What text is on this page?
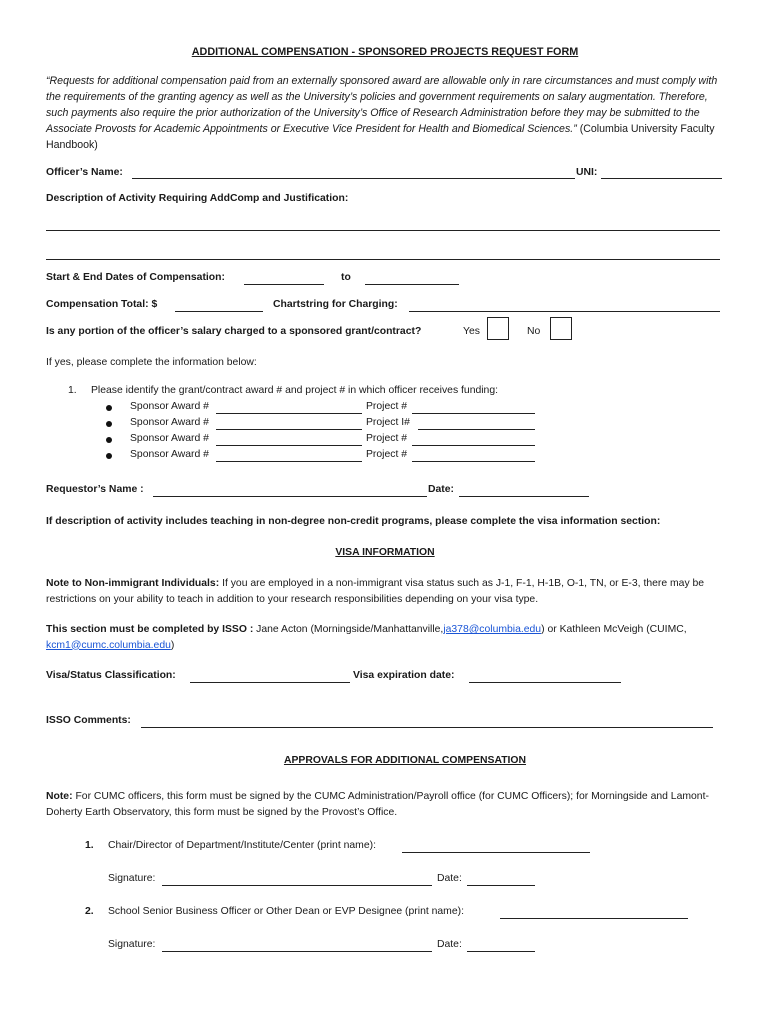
ADDITIONAL COMPENSATION - SPONSORED PROJECTS REQUEST FORM
“Requests for additional compensation paid from an externally sponsored award are allowable only in rare circumstances and must comply with the requirements of the granting agency as well as the University’s policies and government requirements on salary augmentation. Therefore, such payments also require the prior authorization of the University’s Office of Research Administration before they may be submitted to the Associate Provosts for Academic Appointments or Executive Vice President for Health and Biomedical Sciences.” (Columbia University Faculty Handbook)
Officer’s Name:	UNI:
Description of Activity Requiring AddComp and Justification:
Start & End Dates of Compensation:	to
Compensation Total: $	Chartstring for Charging:
Is any portion of the officer’s salary charged to a sponsored grant/contract?	Yes	No
If yes, please complete the information below:
1. Please identify the grant/contract award # and project # in which officer receives funding:
Sponsor Award #	Project #
Sponsor Award #	Project I#
Sponsor Award #	Project #
Sponsor Award #	Project #
Requestor’s Name :	Date:
If description of activity includes teaching in non-degree non-credit programs, please complete the visa information section:
VISA INFORMATION
Note to Non-immigrant Individuals: If you are employed in a non-immigrant visa status such as J-1, F-1, H-1B, O-1, TN, or E-3, there may be restrictions on your ability to teach in addition to your research responsibilities depending on your visa type.
This section must be completed by ISSO : Jane Acton (Morningside/Manhattanville,ja378@columbia.edu) or Kathleen McVeigh (CUIMC, kcm1@cumc.columbia.edu)
Visa/Status Classification:	Visa expiration date:
ISSO Comments:
APPROVALS FOR ADDITIONAL COMPENSATION
Note: For CUMC officers, this form must be signed by the CUMC Administration/Payroll office (for CUMC Officers); for Morningside and Lamont-Doherty Earth Observatory, this form must be signed by the Provost’s Office.
1. Chair/Director of Department/Institute/Center (print name):
Signature:	Date:
2. School Senior Business Officer or Other Dean or EVP Designee (print name):
Signature:	Date:
